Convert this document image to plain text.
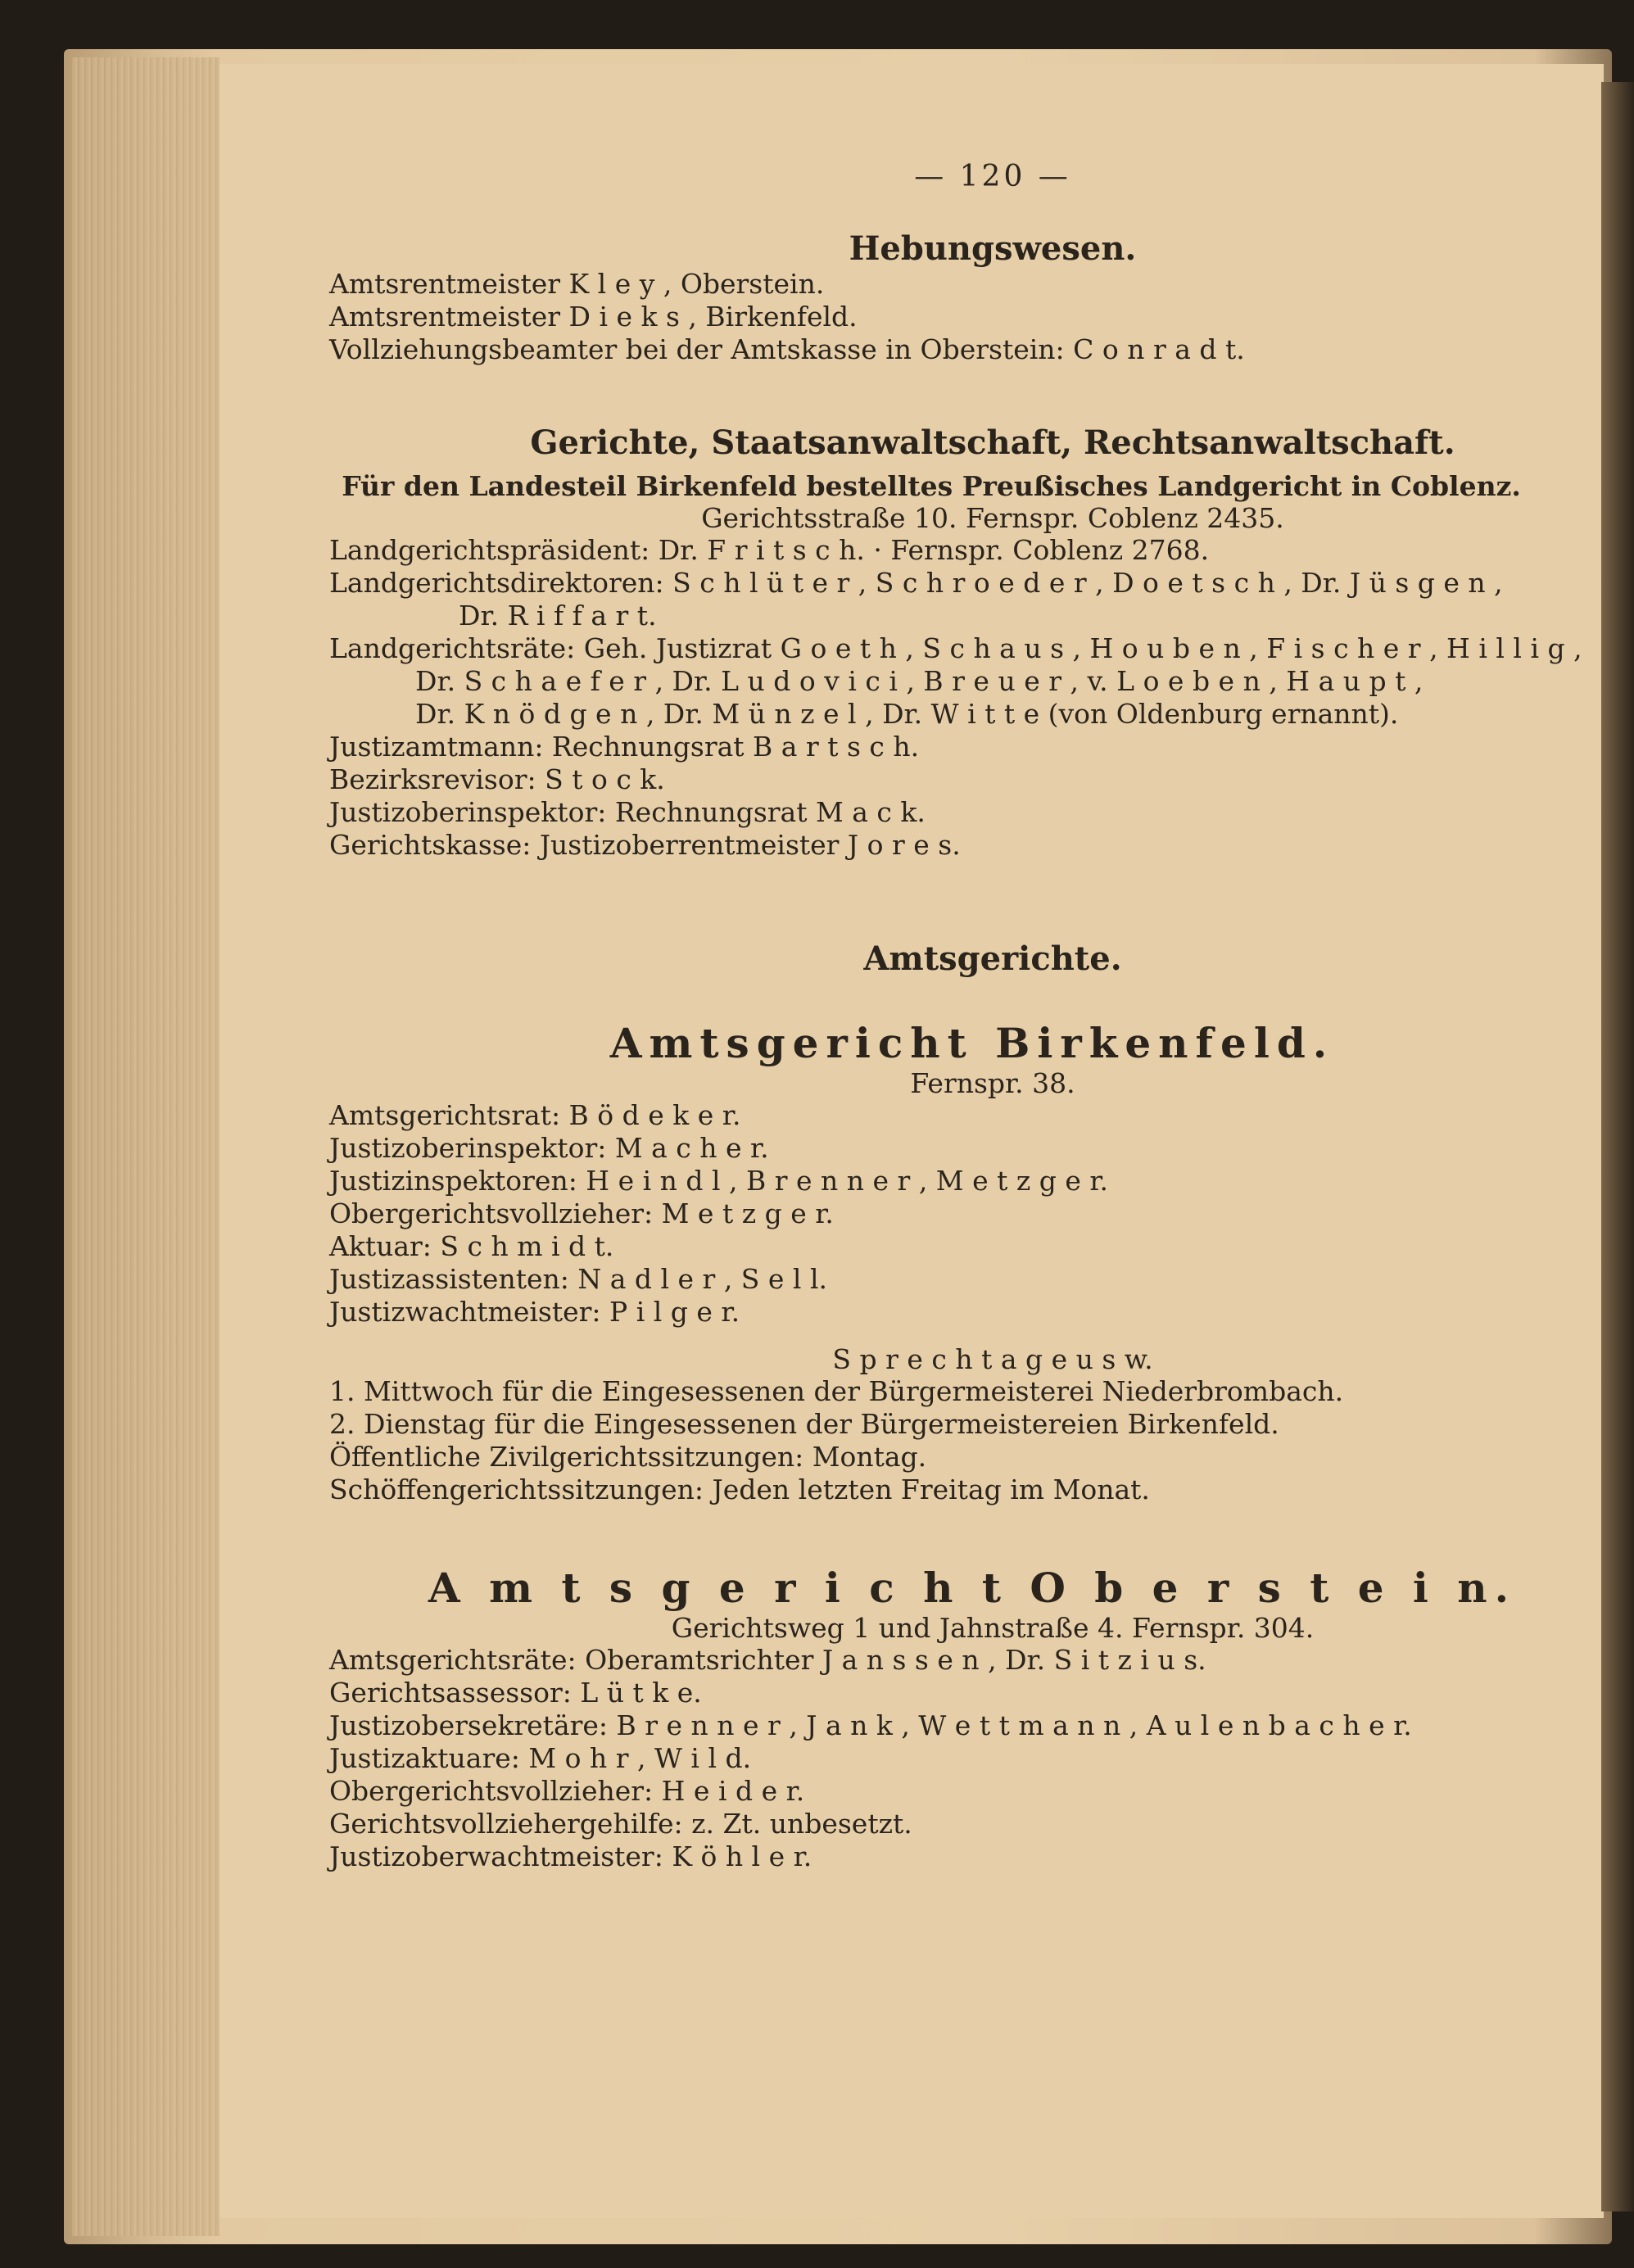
— 120 —
Hebungswesen.
Amtsrentmeister K l e y , Oberstein.
Amtsrentmeister D i e k s , Birkenfeld.
Vollziehungsbeamter bei der Amtskasse in Oberstein: C o n r a d t.
Gerichte, Staatsanwaltschaft, Rechtsanwaltschaft.
Für den Landesteil Birkenfeld bestelltes Preußisches Landgericht in Coblenz.
Gerichtsstraße 10. Fernspr. Coblenz 2435.
Landgerichtspräsident: Dr. F r i t s c h. · Fernspr. Coblenz 2768.
Landgerichtsdirektoren: S c h l ü t e r , S c h r o e d e r , D o e t s c h , Dr. J ü s g e n ,
Dr. R i f f a r t.
Landgerichtsräte: Geh. Justizrat G o e t h , S c h a u s , H o u b e n , F i s c h e r , H i l l i g ,
Dr. S c h a e f e r , Dr. L u d o v i c i , B r e u e r , v. L o e b e n , H a u p t ,
Dr. K n ö d g e n , Dr. M ü n z e l , Dr. W i t t e (von Oldenburg ernannt).
Justizamtmann: Rechnungsrat B a r t s c h.
Bezirksrevisor: S t o c k.
Justizoberinspektor: Rechnungsrat M a c k.
Gerichtskasse: Justizoberrentmeister J o r e s.
Amtsgerichte.
Amtsgericht Birkenfeld.
Fernspr. 38.
Amtsgerichtsrat: B ö d e k e r.
Justizoberinspektor: M a c h e r.
Justizinspektoren: H e i n d l , B r e n n e r , M e t z g e r.
Obergerichtsvollzieher: M e t z g e r.
Aktuar: S c h m i d t.
Justizassistenten: N a d l e r , S e l l.
Justizwachtmeister: P i l g e r.
S p r e c h t a g e u s w.
1. Mittwoch für die Eingesessenen der Bürgermeisterei Niederbrombach.
2. Dienstag für die Eingesessenen der Bürgermeistereien Birkenfeld.
Öffentliche Zivilgerichtssitzungen: Montag.
Schöffengerichtssitzungen: Jeden letzten Freitag im Monat.
A m t s g e r i c h t O b e r s t e i n.
Gerichtsweg 1 und Jahnstraße 4. Fernspr. 304.
Amtsgerichtsräte: Oberamtsrichter J a n s s e n , Dr. S i t z i u s.
Gerichtsassessor: L ü t k e.
Justizobersekretäre: B r e n n e r , J a n k , W e t t m a n n , A u l e n b a c h e r.
Justizaktuare: M o h r , W i l d.
Obergerichtsvollzieher: H e i d e r.
Gerichtsvollziehergehilfe: z. Zt. unbesetzt.
Justizoberwachtmeister: K ö h l e r.
